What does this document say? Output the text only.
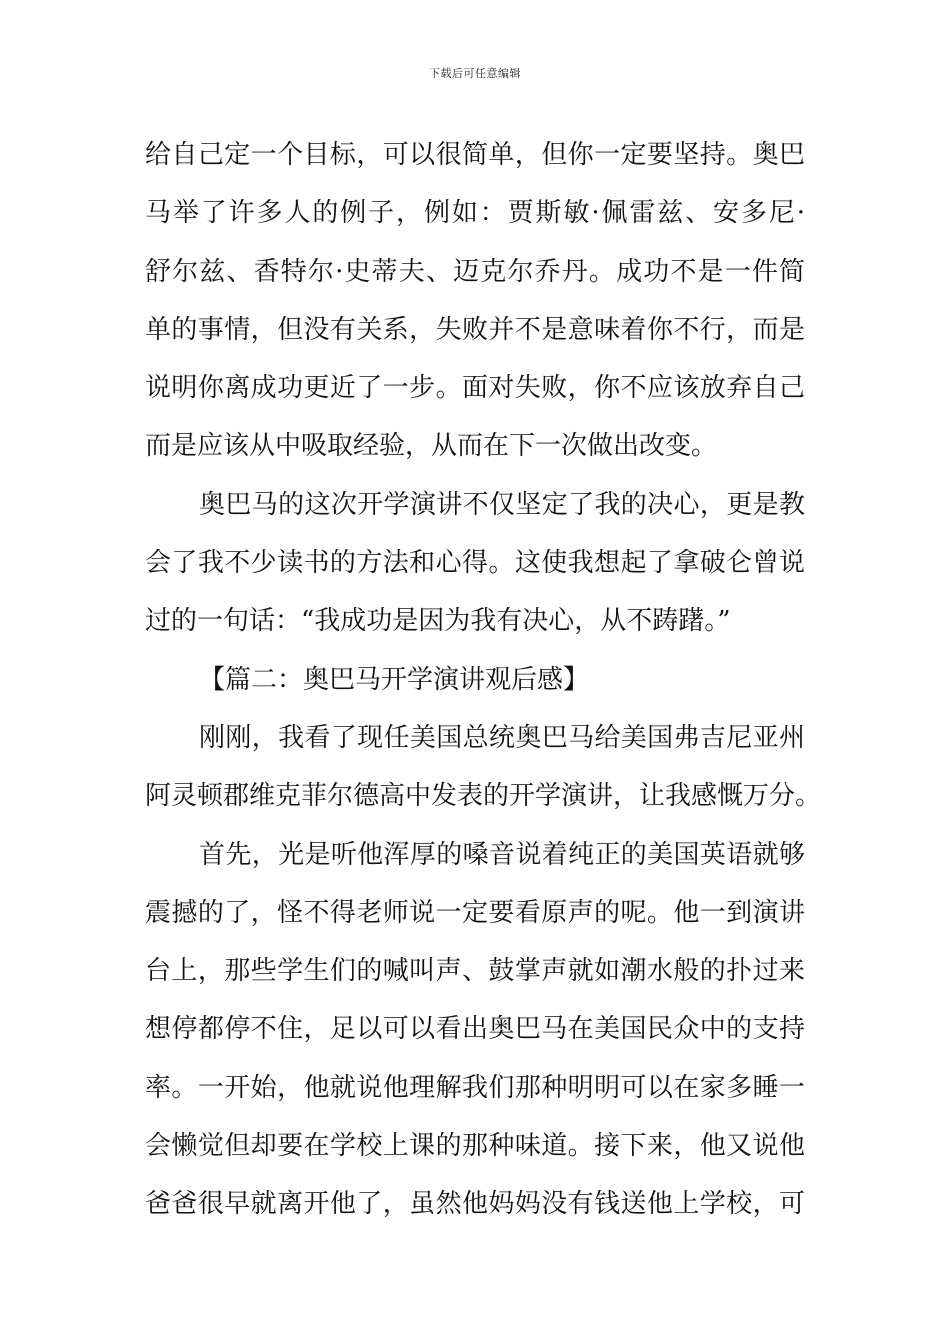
下载后可任意编辑
给自己定一个目标，可以很简单，但你一定要坚持。奥巴
马举了许多人的例子，例如：贾斯敏·佩雷兹、安多尼·
舒尔兹、香特尔·史蒂夫、迈克尔乔丹。成功不是一件简
单的事情，但没有关系，失败并不是意味着你不行，而是
说明你离成功更近了一步。面对失败，你不应该放弃自己
而是应该从中吸取经验，从而在下一次做出改变。
奥巴马的这次开学演讲不仅坚定了我的决心，更是教
会了我不少读书的方法和心得。这使我想起了拿破仑曾说
过的一句话：“我成功是因为我有决心，从不踌躇。”
【篇二：奥巴马开学演讲观后感】
刚刚，我看了现任美国总统奥巴马给美国弗吉尼亚州
阿灵顿郡维克菲尔德高中发表的开学演讲，让我感慨万分。
首先，光是听他浑厚的嗓音说着纯正的美国英语就够
震撼的了，怪不得老师说一定要看原声的呢。他一到演讲
台上，那些学生们的喊叫声、鼓掌声就如潮水般的扑过来
想停都停不住，足以可以看出奥巴马在美国民众中的支持
率。一开始，他就说他理解我们那种明明可以在家多睡一
会懒觉但却要在学校上课的那种味道。接下来，他又说他
爸爸很早就离开他了，虽然他妈妈没有钱送他上学校，可
